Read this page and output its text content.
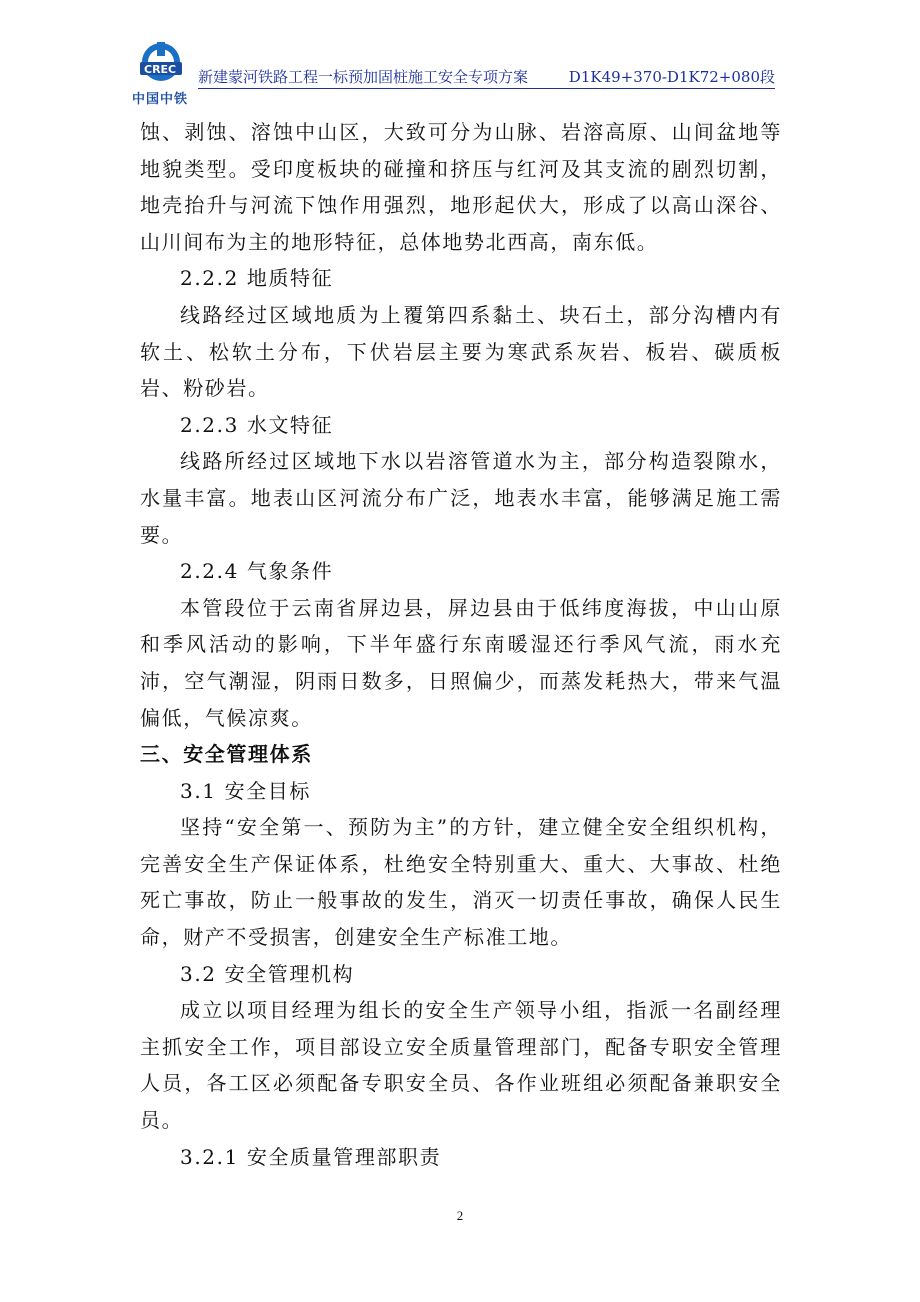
CREC
中国中铁
新建蒙河铁路工程一标预加固桩施工安全专项方案	D1K49+370-D1K72+080段

蚀、剥蚀、溶蚀中山区，大致可分为山脉、岩溶高原、山间盆地等地貌类型。受印度板块的碰撞和挤压与红河及其支流的剧烈切割，地壳抬升与河流下蚀作用强烈，地形起伏大，形成了以高山深谷、山川间布为主的地形特征，总体地势北西高，南东低。

2.2.2 地质特征

线路经过区域地质为上覆第四系黏土、块石土，部分沟槽内有软土、松软土分布，下伏岩层主要为寒武系灰岩、板岩、碳质板岩、粉砂岩。

2.2.3 水文特征

线路所经过区域地下水以岩溶管道水为主，部分构造裂隙水，水量丰富。地表山区河流分布广泛，地表水丰富，能够满足施工需要。

2.2.4 气象条件

本管段位于云南省屏边县，屏边县由于低纬度海拔，中山山原和季风活动的影响，下半年盛行东南暖湿还行季风气流，雨水充沛，空气潮湿，阴雨日数多，日照偏少，而蒸发耗热大，带来气温偏低，气候凉爽。

三、安全管理体系

3.1 安全目标

坚持“安全第一、预防为主”的方针，建立健全安全组织机构，完善安全生产保证体系，杜绝安全特别重大、重大、大事故、杜绝死亡事故，防止一般事故的发生，消灭一切责任事故，确保人民生命，财产不受损害，创建安全生产标准工地。

3.2 安全管理机构

成立以项目经理为组长的安全生产领导小组，指派一名副经理主抓安全工作，项目部设立安全质量管理部门，配备专职安全管理人员，各工区必须配备专职安全员、各作业班组必须配备兼职安全员。

3.2.1 安全质量管理部职责

2
